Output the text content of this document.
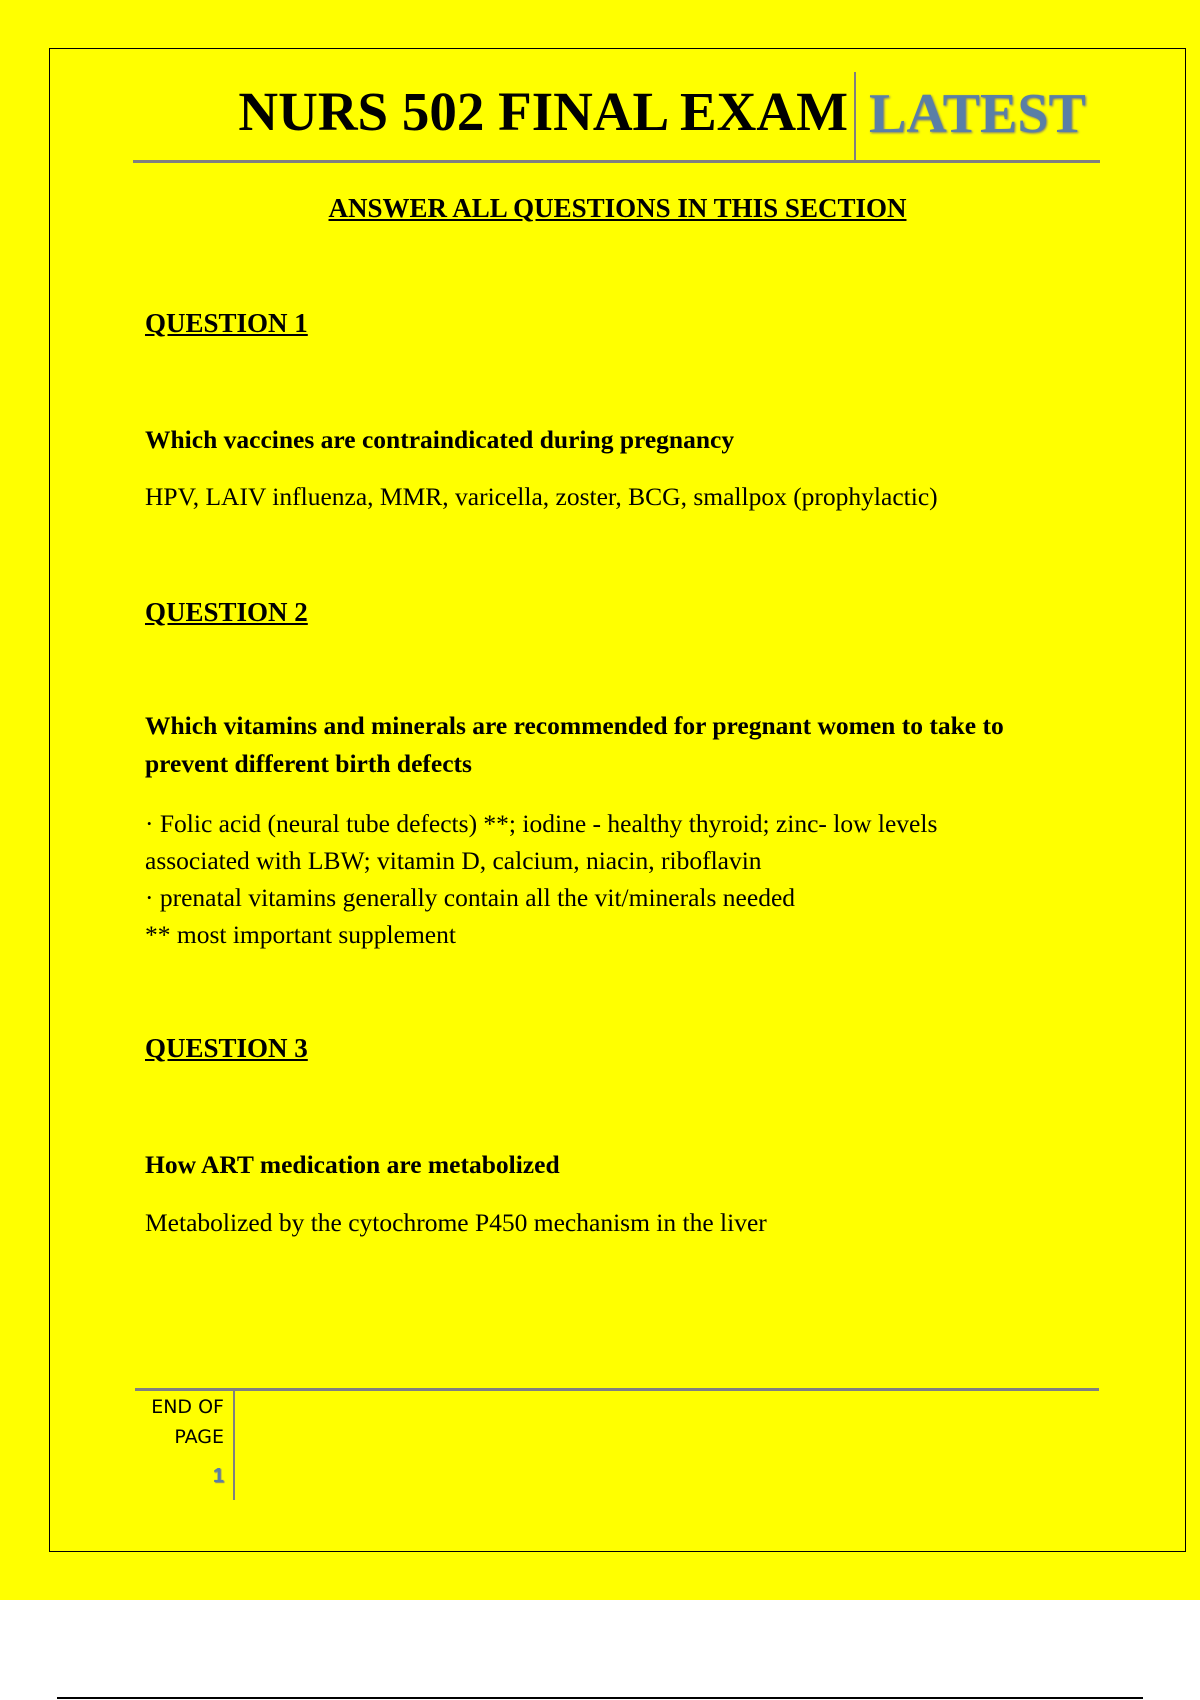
NURS 502 FINAL EXAM LATEST
ANSWER ALL QUESTIONS IN THIS SECTION
QUESTION 1
Which vaccines are contraindicated during pregnancy
HPV, LAIV influenza, MMR, varicella, zoster, BCG, smallpox (prophylactic)
QUESTION 2
Which vitamins and minerals are recommended for pregnant women to take to prevent different birth defects
· Folic acid (neural tube defects) **; iodine - healthy thyroid; zinc- low levels
associated with LBW; vitamin D, calcium, niacin, riboflavin
· prenatal vitamins generally contain all the vit/minerals needed
** most important supplement
QUESTION 3
How ART medication are metabolized
Metabolized by the cytochrome P450 mechanism in the liver
END OF
PAGE
1
